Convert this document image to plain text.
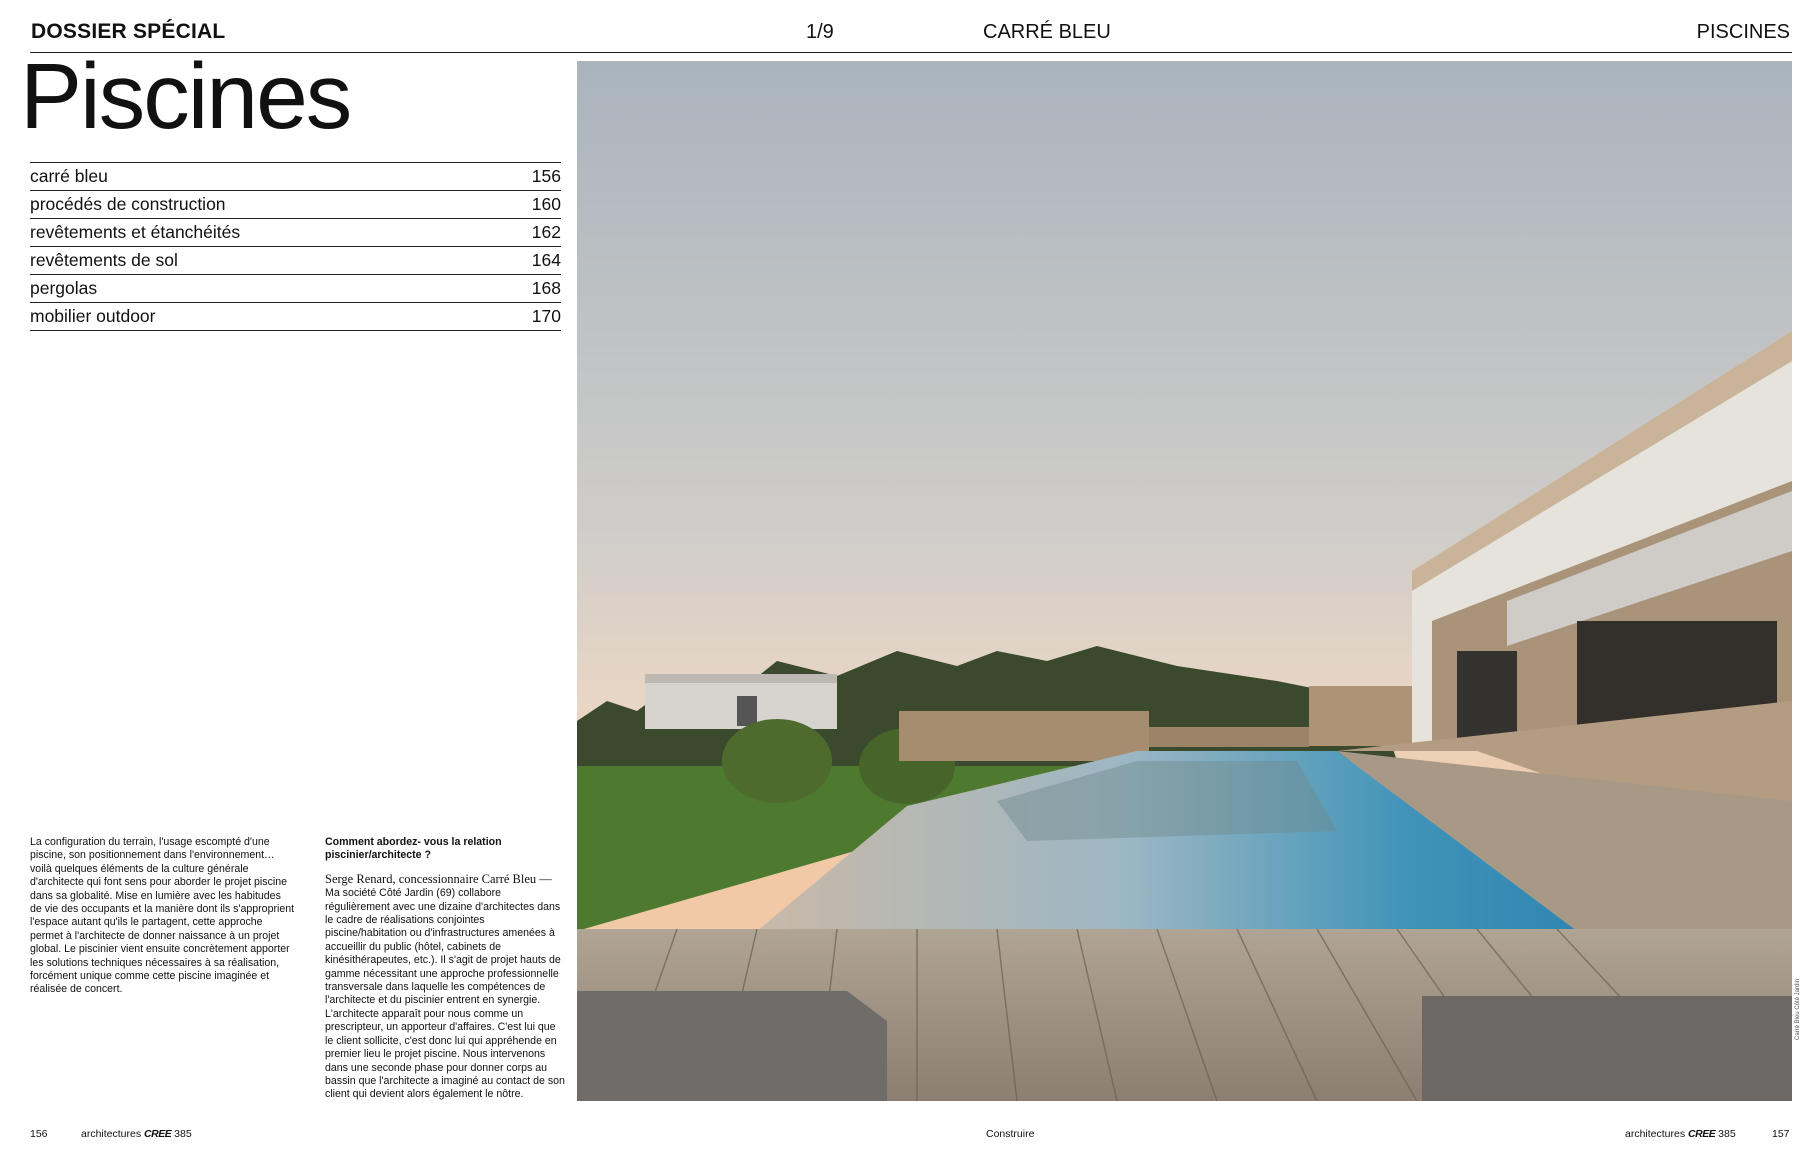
DOSSIER SPÉCIAL	1/9	CARRÉ BLEU	PISCINES
Piscines
carré bleu	156
procédés de construction	160
revêtements et étanchéités	162
revêtements de sol	164
pergolas	168
mobilier outdoor	170
Carré Bleu Côté Jardin
La configuration du terrain, l'usage escompté d'une piscine, son positionnement dans l'environnement… voilà quelques éléments de la culture générale d'architecte qui font sens pour aborder le projet piscine dans sa globalité. Mise en lumière avec les habitudes de vie des occupants et la manière dont ils s'approprient l'espace autant qu'ils le partagent, cette approche permet à l'architecte de donner naissance à un projet global. Le piscinier vient ensuite concrètement apporter les solutions techniques nécessaires à sa réalisation, forcément unique comme cette piscine imaginée et réalisée de concert.
Comment abordez- vous la relation piscinier/architecte ?
Serge Renard, concessionnaire Carré Bleu — Ma société Côté Jardin (69) collabore régulièrement avec une dizaine d'architectes dans le cadre de réalisations conjointes piscine/habitation ou d'infrastructures amenées à accueillir du public (hôtel, cabinets de kinésithérapeutes, etc.). Il s'agit de projet hauts de gamme nécessitant une approche professionnelle transversale dans laquelle les compétences de l'architecte et du piscinier entrent en synergie.
L'architecte apparaît pour nous comme un prescripteur, un apporteur d'affaires. C'est lui que le client sollicite, c'est donc lui qui appréhende en premier lieu le projet piscine. Nous intervenons dans une seconde phase pour donner corps au bassin que l'architecte a imaginé au contact de son client qui devient alors également le nôtre.
156	architectures CREE 385	Construire	architectures CREE 385	157
